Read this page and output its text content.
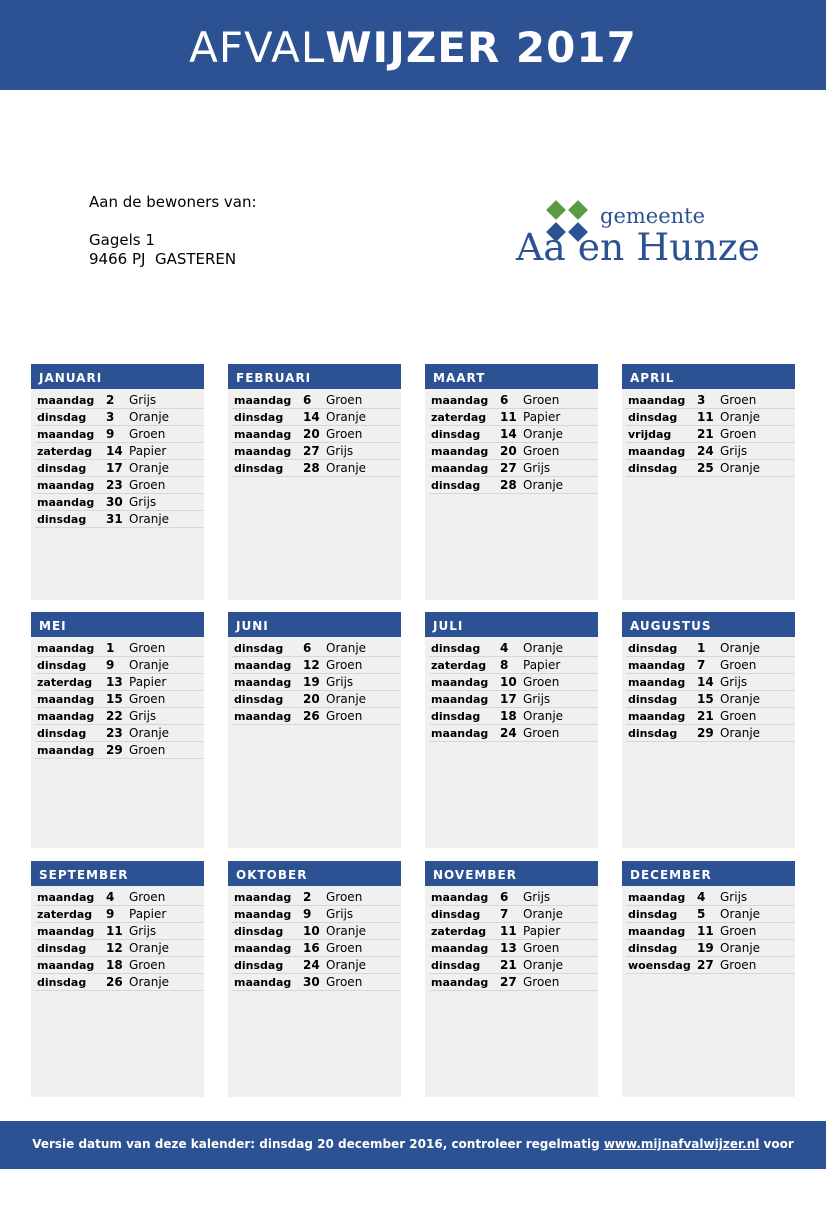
AFVALWIJZER 2017
Aan de bewoners van:
Gagels 1
9466 PJ  GASTEREN
gemeente
Aa en Hunze
JANUARI
maandag 2 Grijs
dinsdag 3 Oranje
maandag 9 Groen
zaterdag 14 Papier
dinsdag 17 Oranje
maandag 23 Groen
maandag 30 Grijs
dinsdag 31 Oranje
FEBRUARI
maandag 6 Groen
dinsdag 14 Oranje
maandag 20 Groen
maandag 27 Grijs
dinsdag 28 Oranje
MAART
maandag 6 Groen
zaterdag 11 Papier
dinsdag 14 Oranje
maandag 20 Groen
maandag 27 Grijs
dinsdag 28 Oranje
APRIL
maandag 3 Groen
dinsdag 11 Oranje
vrijdag 21 Groen
maandag 24 Grijs
dinsdag 25 Oranje
MEI
maandag 1 Groen
dinsdag 9 Oranje
zaterdag 13 Papier
maandag 15 Groen
maandag 22 Grijs
dinsdag 23 Oranje
maandag 29 Groen
JUNI
dinsdag 6 Oranje
maandag 12 Groen
maandag 19 Grijs
dinsdag 20 Oranje
maandag 26 Groen
JULI
dinsdag 4 Oranje
zaterdag 8 Papier
maandag 10 Groen
maandag 17 Grijs
dinsdag 18 Oranje
maandag 24 Groen
AUGUSTUS
dinsdag 1 Oranje
maandag 7 Groen
maandag 14 Grijs
dinsdag 15 Oranje
maandag 21 Groen
dinsdag 29 Oranje
SEPTEMBER
maandag 4 Groen
zaterdag 9 Papier
maandag 11 Grijs
dinsdag 12 Oranje
maandag 18 Groen
dinsdag 26 Oranje
OKTOBER
maandag 2 Groen
maandag 9 Grijs
dinsdag 10 Oranje
maandag 16 Groen
dinsdag 24 Oranje
maandag 30 Groen
NOVEMBER
maandag 6 Grijs
dinsdag 7 Oranje
zaterdag 11 Papier
maandag 13 Groen
dinsdag 21 Oranje
maandag 27 Groen
DECEMBER
maandag 4 Grijs
dinsdag 5 Oranje
maandag 11 Groen
dinsdag 19 Oranje
woensdag 27 Groen
Versie datum van deze kalender: dinsdag 20 december 2016, controleer regelmatig www.mijnafvalwijzer.nl voor wijzigingen!
